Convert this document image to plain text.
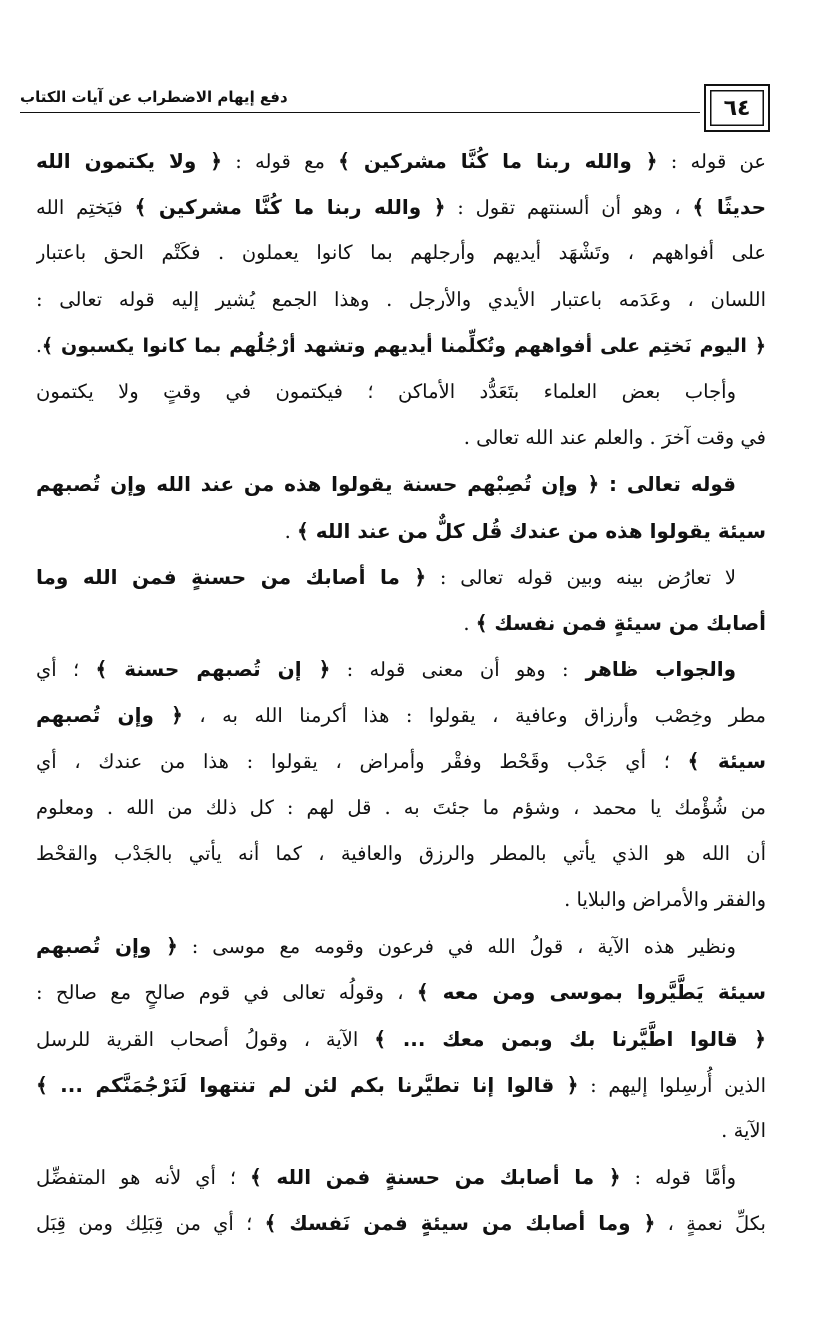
دفع إيهام الاضطراب عن آيات الكتاب	٦٤
عن قوله : ﴿ والله ربنا ما كُنَّا مشركين ﴾ مع قوله : ﴿ ولا يكتمون الله
حديثًا ﴾ ، وهو أن ألسنتهم تقول : ﴿ والله ربنا ما كُنَّا مشركين ﴾ فيَختِم الله
على أفواههم ، وتَشْهَد أيديهم وأرجلهم بما كانوا يعملون . فكَتْم الحق باعتبار
اللسان ، وعَدَمه باعتبار الأيدي والأرجل . وهذا الجمع يُشير إليه قوله تعالى :
﴿ اليوم نَختِم على أفواههم وتُكلِّمنا أيديهم وتشهد أرْجُلُهم بما كانوا يكسبون ﴾.
وأجاب بعض العلماء بتَعَدُّد الأماكن ؛ فيكتمون في وقتٍ ولا يكتمون
في وقت آخرَ . والعلم عند الله تعالى .
قوله تعالى : ﴿ وإن تُصِبْهم حسنة يقولوا هذه من عند الله وإن تُصبهم
سيئة يقولوا هذه من عندك قُل كلٌّ من عند الله ﴾ .
لا تعارُض بينه وبين قوله تعالى : ﴿ ما أصابك من حسنةٍ فمن الله وما
أصابك من سيئةٍ فمن نفسك ﴾ .
والجواب ظاهر : وهو أن معنى قوله : ﴿ إن تُصبهم حسنة ﴾ ؛ أي
مطر وخِصْب وأرزاق وعافية ، يقولوا : هذا أكرمنا الله به ، ﴿ وإن تُصبهم
سيئة ﴾ ؛ أي جَدْب وقَحْط وفقْر وأمراض ، يقولوا : هذا من عندك ، أي
من شُؤْمك يا محمد ، وشؤم ما جئتَ به . قل لهم : كل ذلك من الله . ومعلوم
أن الله هو الذي يأتي بالمطر والرزق والعافية ، كما أنه يأتي بالجَدْب والقحْط
والفقر والأمراض والبلايا .
ونظير هذه الآية ، قولُ الله في فرعون وقومه مع موسى : ﴿ وإن تُصبهم
سيئة يَطَّيَّروا بموسى ومن معه ﴾ ، وقولُه تعالى في قوم صالحٍ مع صالح :
﴿ قالوا اطَّيَّرنا بك وبمن معك ... ﴾ الآية ، وقولُ أصحاب القرية للرسل
الذين أُرسِلوا إليهم : ﴿ قالوا إنا تطيَّرنا بكم لئن لم تنتهوا لَنَرْجُمَنَّكم ... ﴾
الآية .
وأمَّا قوله : ﴿ ما أصابك من حسنةٍ فمن الله ﴾ ؛ أي لأنه هو المتفضِّل
بكلِّ نعمةٍ ، ﴿ وما أصابك من سيئةٍ فمن نَفسك ﴾ ؛ أي من قِبَلِك ومن قِبَل
